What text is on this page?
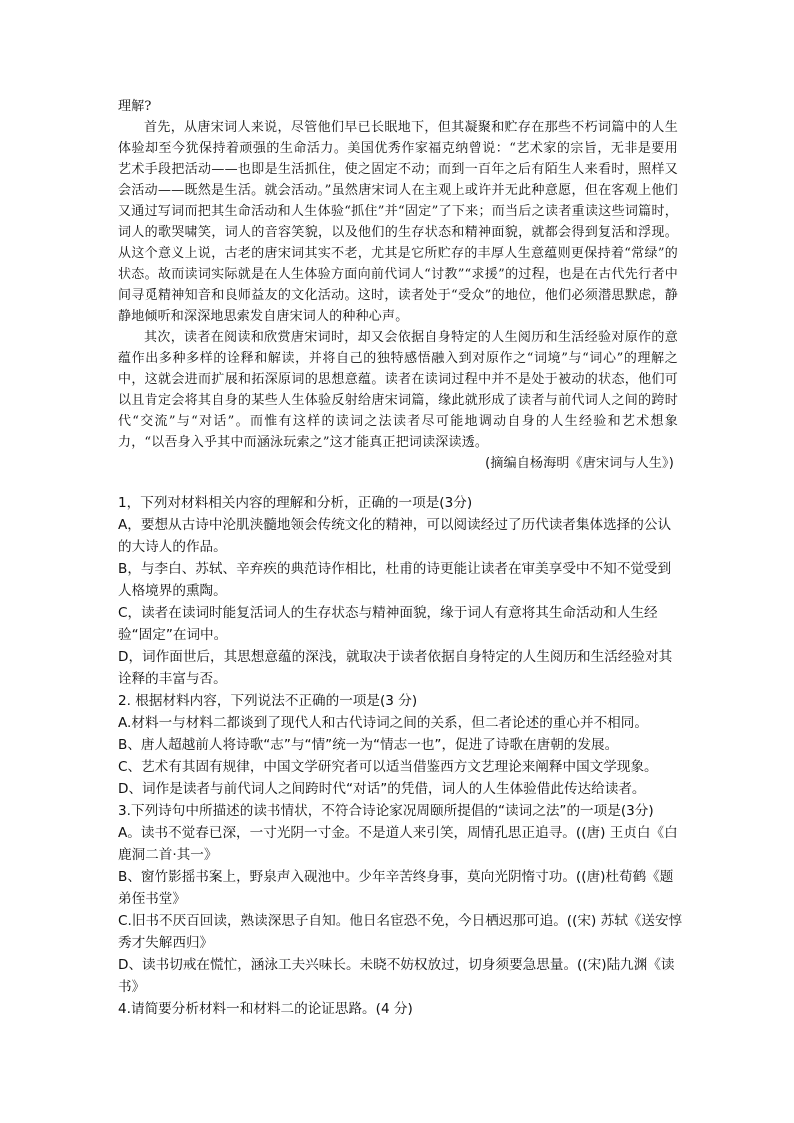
理解?

首先，从唐宋词人来说，尽管他们早已长眠地下，但其凝聚和贮存在那些不朽词篇中的人生体验却至今犹保持着顽强的生命活力。美国优秀作家福克纳曾说：“艺术家的宗旨，无非是要用艺术手段把活动——也即是生活抓住，使之固定不动；而到一百年之后有陌生人来看时，照样又会活动——既然是生活。就会活动。”虽然唐宋词人在主观上或许并无此种意愿，但在客观上他们又通过写词而把其生命活动和人生体验“抓住”并“固定”了下来；而当后之读者重读这些词篇时，词人的歌哭啸笑，词人的音容笑貌，以及他们的生存状态和精神面貌，就都会得到复活和浮现。从这个意义上说，古老的唐宋词其实不老，尤其是它所贮存的丰厚人生意蕴则更保持着“常绿”的状态。故而读词实际就是在人生体验方面向前代词人“讨教”“求援”的过程，也是在古代先行者中间寻觅精神知音和良师益友的文化活动。这时，读者处于“受众”的地位，他们必须潜思默虑，静静地倾听和深深地思索发自唐宋词人的种种心声。

其次，读者在阅读和欣赏唐宋词时，却又会依据自身特定的人生阅历和生活经验对原作的意蕴作出多种多样的诠释和解读，并将自己的独特感悟融入到对原作之“词境”与“词心”的理解之中，这就会进而扩展和拓深原词的思想意蕴。读者在读词过程中并不是处于被动的状态，他们可以且肯定会将其自身的某些人生体验反射给唐宋词篇，缘此就形成了读者与前代词人之间的跨时代“交流”与“对话”。而惟有这样的读词之法读者尽可能地调动自身的人生经验和艺术想象力，“以吾身入乎其中而涵泳玩索之”这才能真正把词读深读透。

(摘编自杨海明《唐宋词与人生》)

1，下列对材料相关内容的理解和分析，正确的一项是(3分)

A，要想从古诗中沦肌浃髓地领会传统文化的精神，可以阅读经过了历代读者集体选择的公认的大诗人的作品。

B，与李白、苏轼、辛弃疾的典范诗作相比，杜甫的诗更能让读者在审美享受中不知不觉受到人格境界的熏陶。

C，读者在读词时能复活词人的生存状态与精神面貌，缘于词人有意将其生命活动和人生经验“固定”在词中。

D，词作面世后，其思想意蕴的深浅，就取决于读者依据自身特定的人生阅历和生活经验对其诠释的丰富与否。

2. 根据材料内容，下列说法不正确的一项是(3 分)

A.材料一与材料二都谈到了现代人和古代诗词之间的关系，但二者论述的重心并不相同。

B、唐人超越前人将诗歌“志”与“情”统一为“情志一也”，促进了诗歌在唐朝的发展。

C、艺术有其固有规律，中国文学研究者可以适当借鉴西方文艺理论来阐释中国文学现象。

D、词作是读者与前代词人之间跨时代“对话”的凭借，词人的人生体验借此传达给读者。

3.下列诗句中所描述的读书情状，不符合诗论家况周颐所提倡的“读词之法”的一项是(3分)

A。读书不觉春已深，一寸光阴一寸金。不是道人来引笑，周情孔思正追寻。((唐) 王贞白《白鹿洞二首·其一》

B、窗竹影摇书案上，野泉声入砚池中。少年辛苦终身事，莫向光阴惰寸功。((唐)杜荀鹤《题弟侄书堂》

C.旧书不厌百回读，熟读深思子自知。他日名宦恐不免，今日栖迟那可追。((宋) 苏轼《送安惇秀才失解西归》

D、读书切戒在慌忙，涵泳工夫兴味长。未晓不妨权放过，切身须要急思量。((宋)陆九渊《读书》

4.请简要分析材料一和材料二的论证思路。(4 分)
